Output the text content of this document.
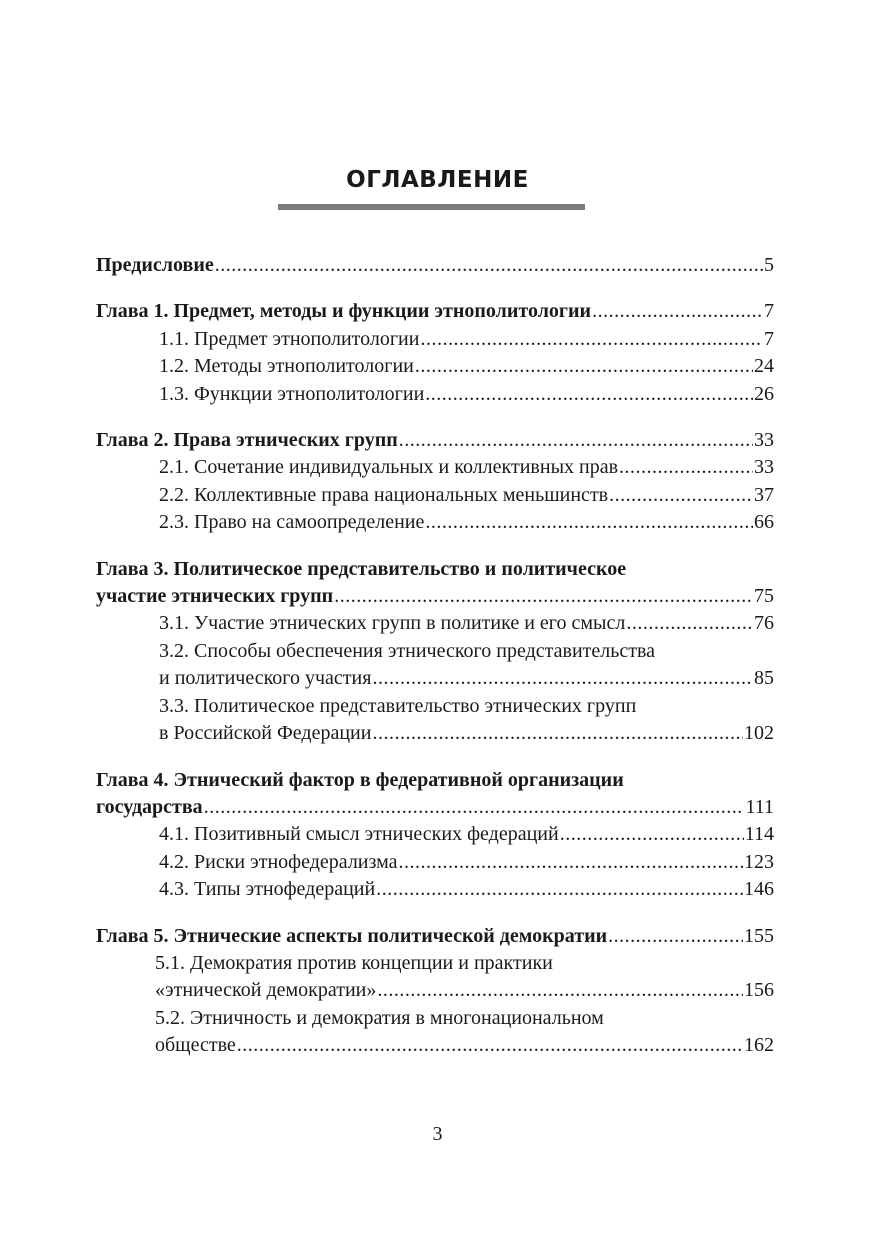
ОГЛАВЛЕНИЕ
Предисловие .....	5
Глава 1. Предмет, методы и функции этнополитологии .....	7
1.1. Предмет этнополитологии .....	7
1.2. Методы этнополитологии .....	24
1.3. Функции этнополитологии .....	26
Глава 2. Права этнических групп .....	33
2.1. Сочетание индивидуальных и коллективных прав .....	33
2.2. Коллективные права национальных меньшинств .....	37
2.3. Право на самоопределение .....	66
Глава 3. Политическое представительство и политическое
участие этнических групп .....	75
3.1. Участие этнических групп в политике и его смысл .....	76
3.2. Способы обеспечения этнического представительства
и политического участия .....	85
3.3. Политическое представительство этнических групп
в Российской Федерации .....	102
Глава 4. Этнический фактор в федеративной организации
государства .....	111
4.1. Позитивный смысл этнических федераций .....	114
4.2. Риски этнофедерализма .....	123
4.3. Типы этнофедераций .....	146
Глава 5. Этнические аспекты политической демократии .....	155
5.1. Демократия против концепции и практики
«этнической демократии» .....	156
5.2. Этничность и демократия в многонациональном
обществе .....	162
3
